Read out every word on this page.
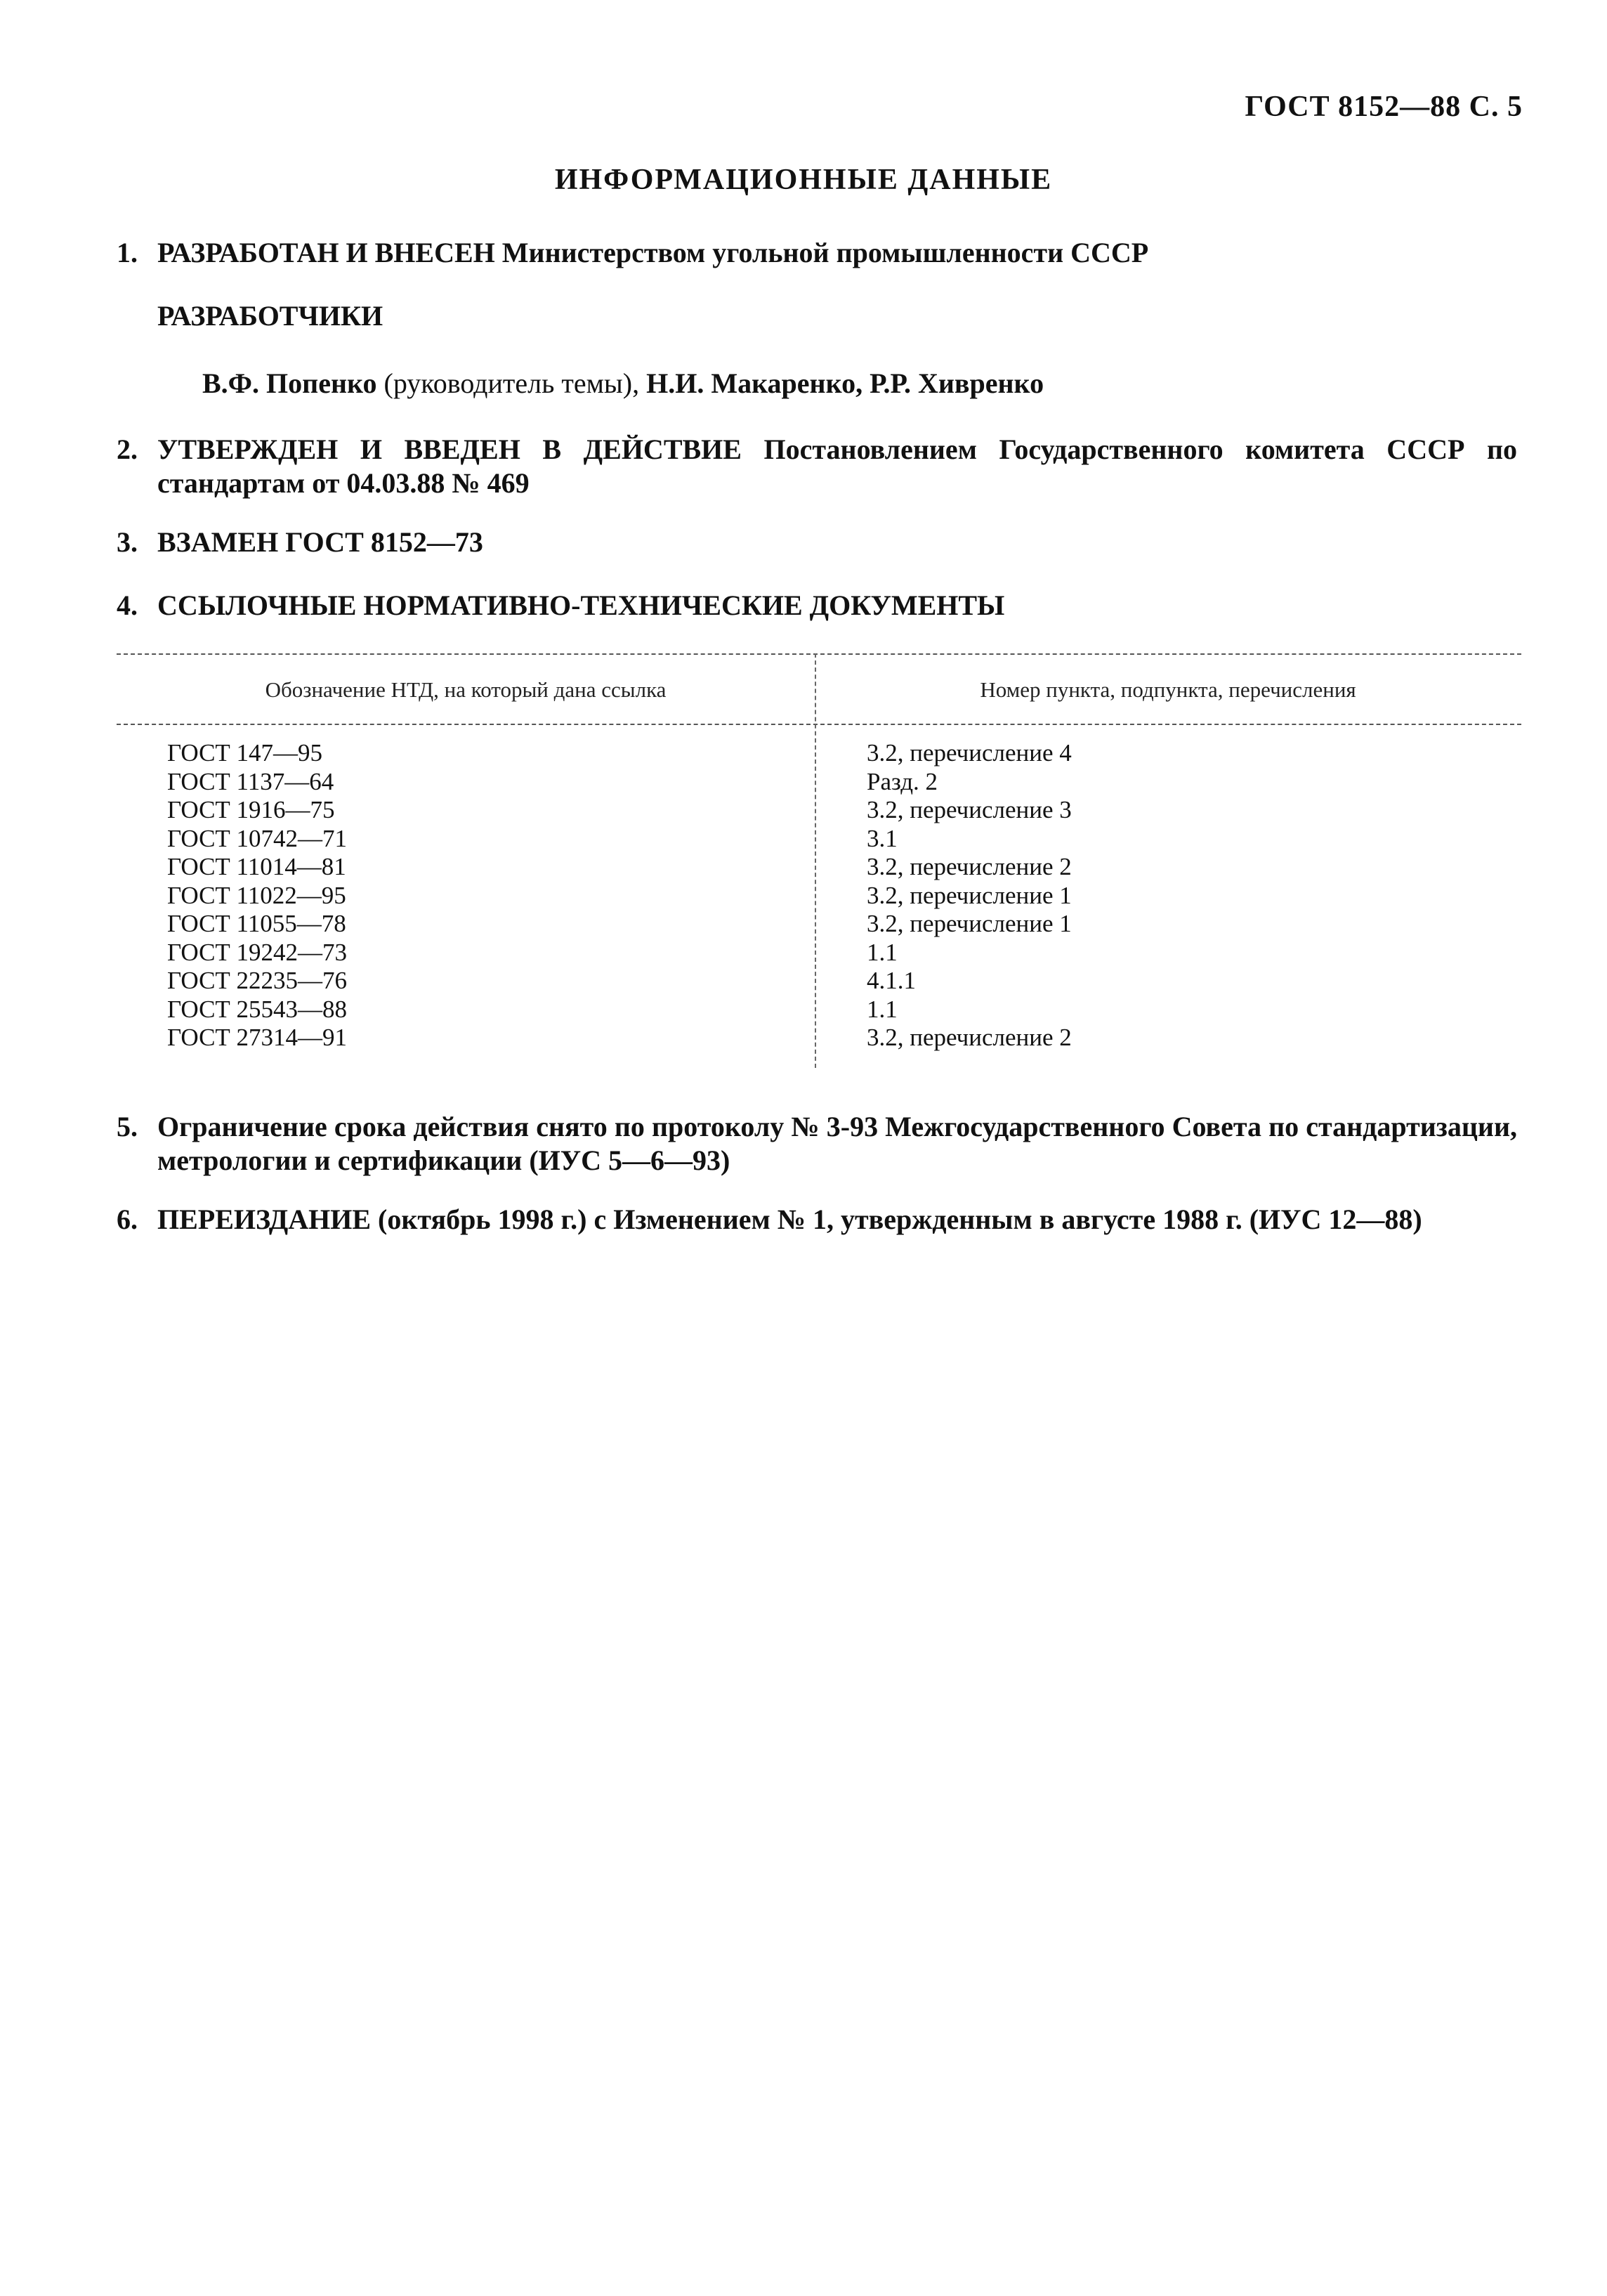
ГОСТ 8152—88 С. 5
ИНФОРМАЦИОННЫЕ ДАННЫЕ
1. РАЗРАБОТАН И ВНЕСЕН Министерством угольной промышленности СССР
РАЗРАБОТЧИКИ
В.Ф. Попенко (руководитель темы), Н.И. Макаренко, Р.Р. Хивренко
2. УТВЕРЖДЕН И ВВЕДЕН В ДЕЙСТВИЕ Постановлением Государственного комитета СССР по стандартам от 04.03.88 № 469
3. ВЗАМЕН ГОСТ 8152—73
4. ССЫЛОЧНЫЕ НОРМАТИВНО-ТЕХНИЧЕСКИЕ ДОКУМЕНТЫ
Обозначение НТД, на который дана ссылка	Номер пункта, подпункта, перечисления
ГОСТ 147—95	3.2, перечисление 4
ГОСТ 1137—64	Разд. 2
ГОСТ 1916—75	3.2, перечисление 3
ГОСТ 10742—71	3.1
ГОСТ 11014—81	3.2, перечисление 2
ГОСТ 11022—95	3.2, перечисление 1
ГОСТ 11055—78	3.2, перечисление 1
ГОСТ 19242—73	1.1
ГОСТ 22235—76	4.1.1
ГОСТ 25543—88	1.1
ГОСТ 27314—91	3.2, перечисление 2
5. Ограничение срока действия снято по протоколу № 3-93 Межгосударственного Совета по стандартизации, метрологии и сертификации (ИУС 5—6—93)
6. ПЕРЕИЗДАНИЕ (октябрь 1998 г.) с Изменением № 1, утвержденным в августе 1988 г. (ИУС 12—88)
